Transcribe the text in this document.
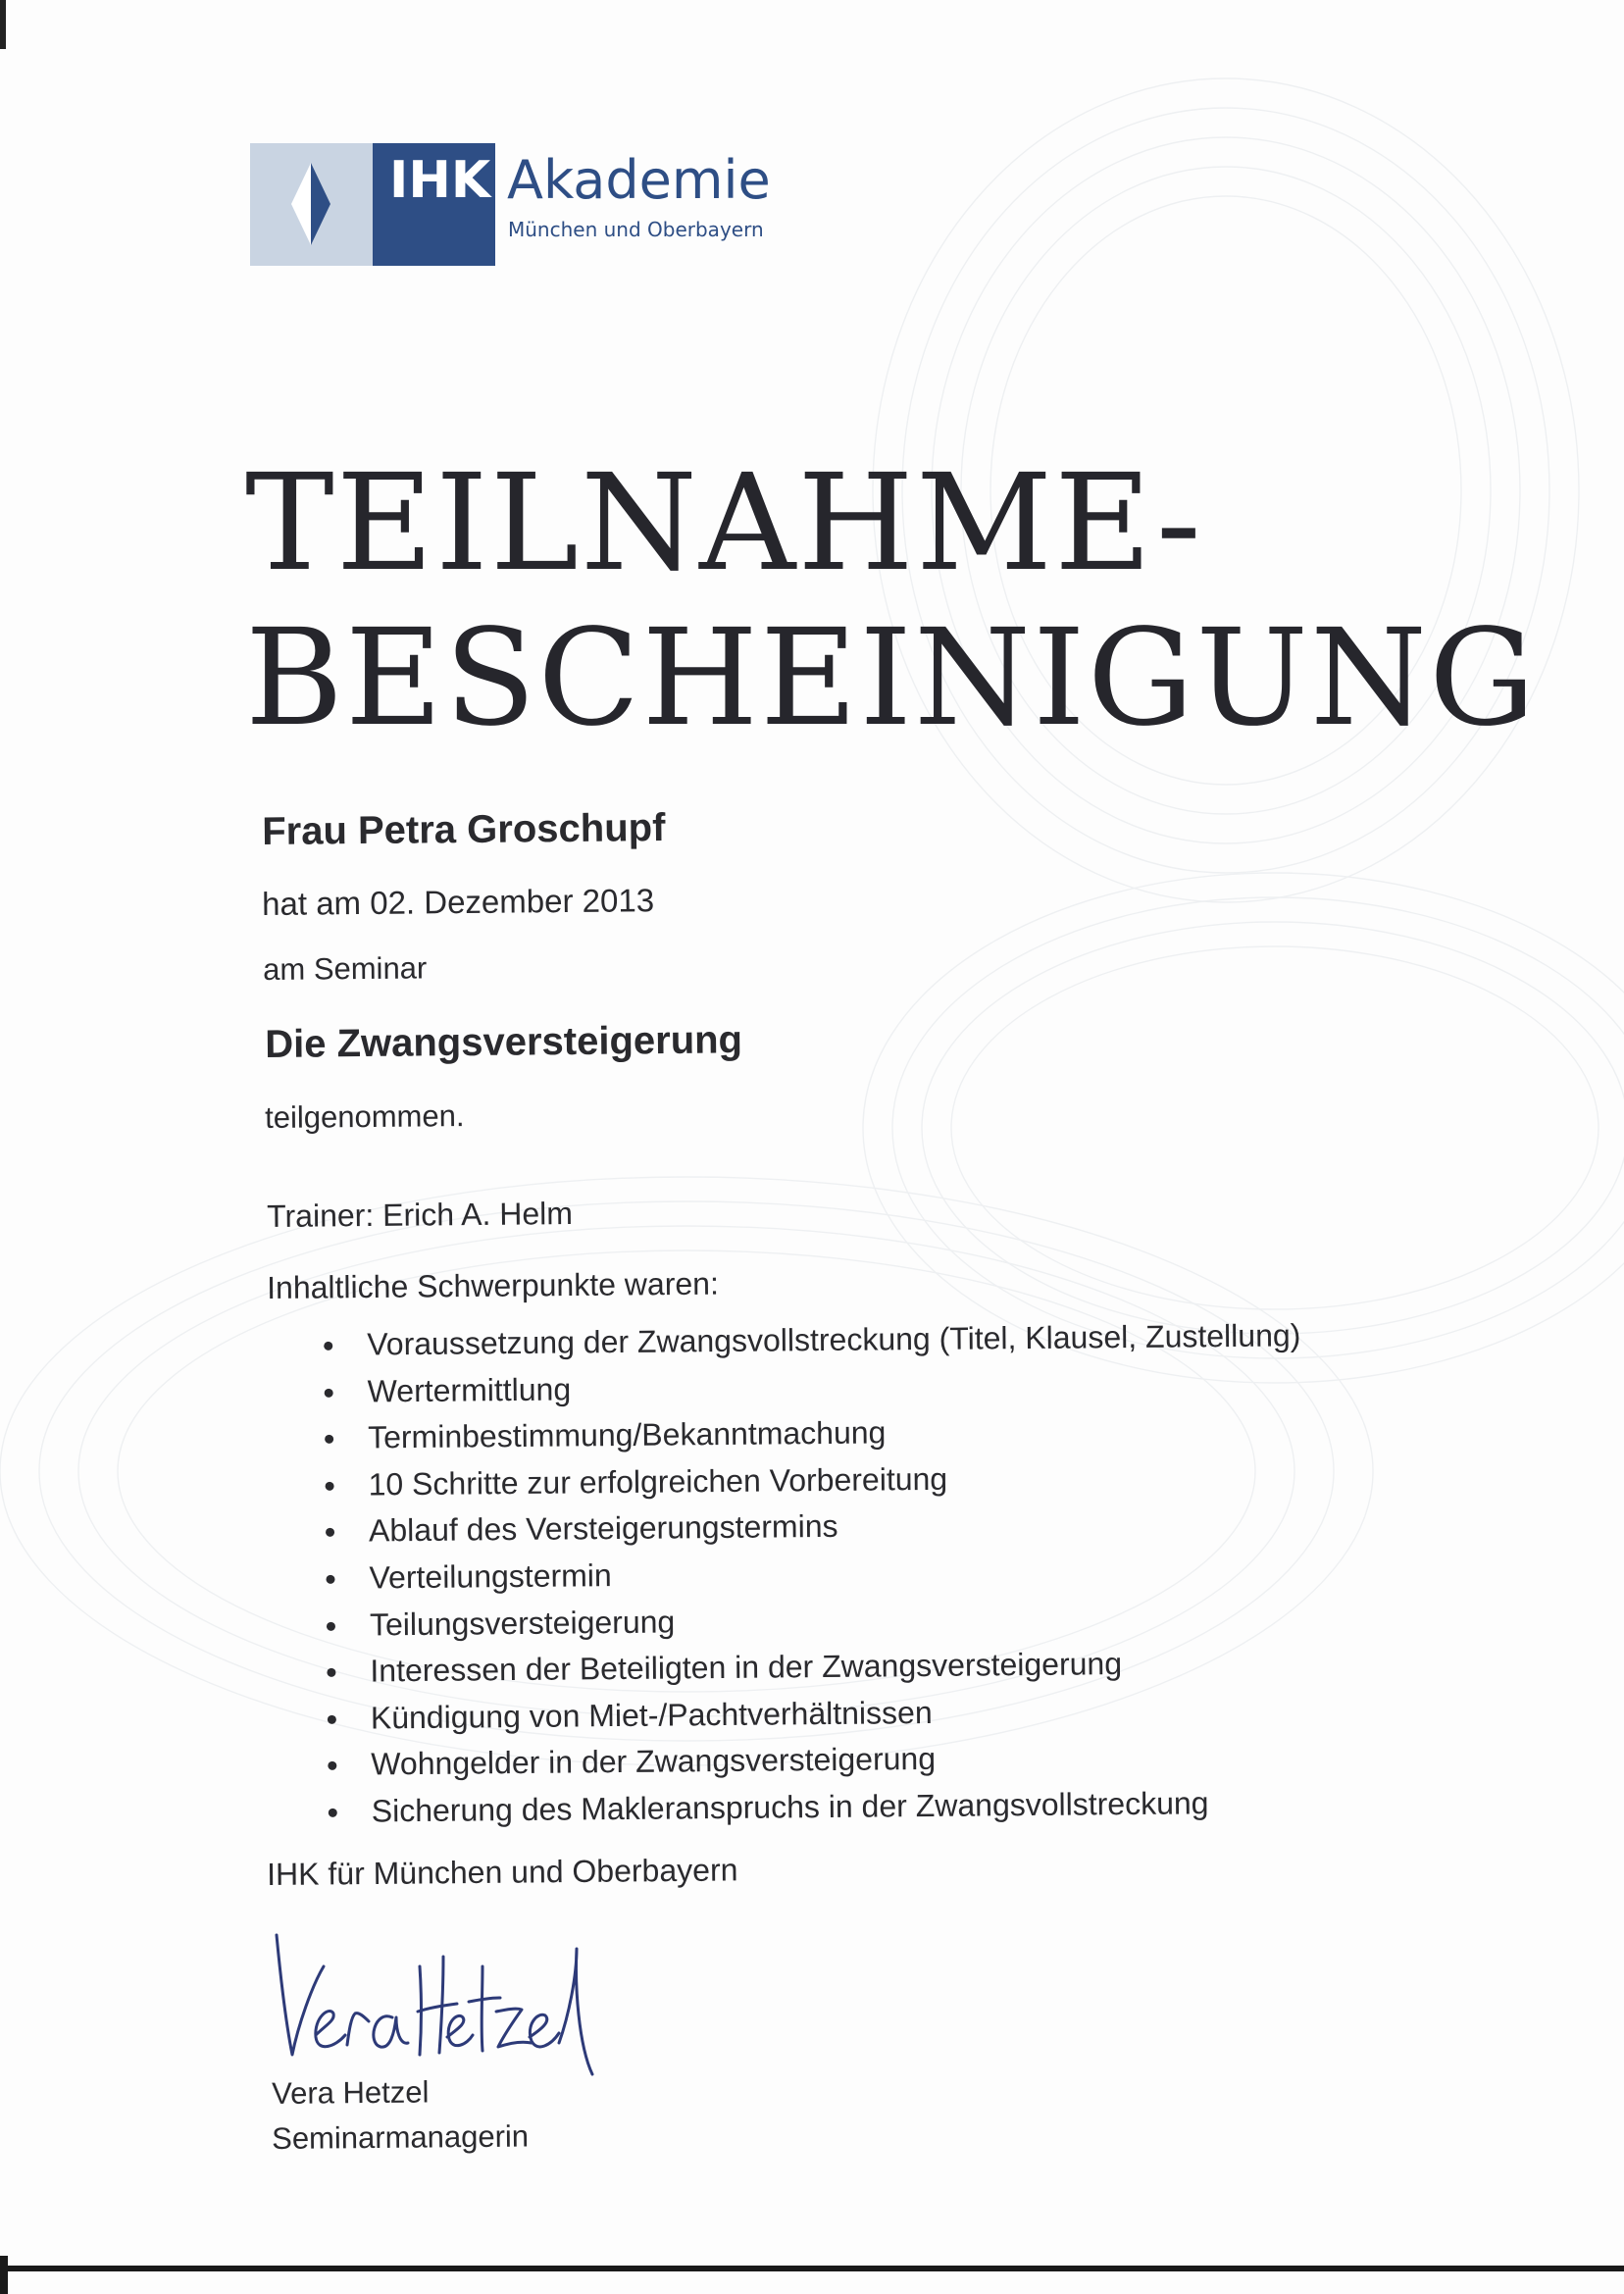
IHK Akademie
München und Oberbayern
TEILNAHME-
BESCHEINIGUNG

Frau Petra Groschupf

hat am 02. Dezember 2013

am Seminar

Die Zwangsversteigerung

teilgenommen.

Trainer: Erich A. Helm

Inhaltliche Schwerpunkte waren:

Voraussetzung der Zwangsvollstreckung (Titel, Klausel, Zustellung)
Wertermittlung
Terminbestimmung/Bekanntmachung
10 Schritte zur erfolgreichen Vorbereitung
Ablauf des Versteigerungstermins
Verteilungstermin
Teilungsversteigerung
Interessen der Beteiligten in der Zwangsversteigerung
Kündigung von Miet-/Pachtverhältnissen
Wohngelder in der Zwangsversteigerung
Sicherung des Makleranspruchs in der Zwangsvollstreckung

IHK für München und Oberbayern

Vera Hetzel

Seminarmanagerin
